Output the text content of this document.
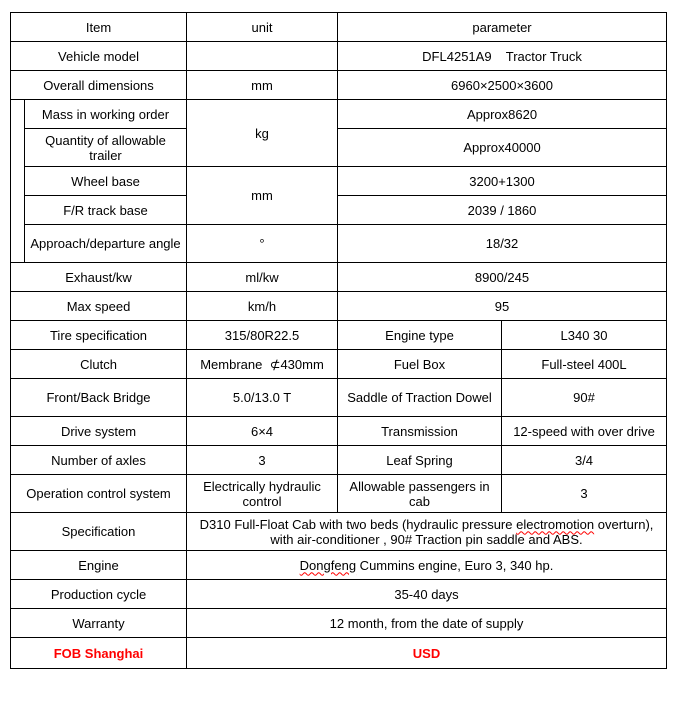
Item		unit	parameter	
Vehicle model			DFL4251A9    Tractor Truck	
Overall dimensions		mm	6960×2500×3600	
	Mass in working order	kg	Approx8620	
	Quantity of allowable trailer		Approx40000	
	Wheel base	mm	3200+1300	
	F/R track base		2039 / 1860	
	Approach/departure angle	°	18/32	
Exhaust/kw		ml/kw	8900/245	
Max speed		km/h	95	
Tire specification		315/80R22.5	Engine type	L340 30
Clutch		Membrane  ⊄430mm	Fuel Box	Full-steel 400L
Front/Back Bridge		5.0/13.0 T	Saddle of Traction Dowel	90#
Drive system		6×4	Transmission	12-speed with over drive
Number of axles		3	Leaf Spring	3/4
Operation control system		Electrically hydraulic control	Allowable passengers in cab	3
Specification		D310 Full-Float Cab with two beds (hydraulic pressure electromotion overturn), with air-conditioner , 90# Traction pin saddle and ABS.		
Engine		Dongfeng Cummins engine, Euro 3, 340 hp.		
Production cycle		35-40 days		
Warranty		12 month, from the date of supply		
FOB Shanghai		USD		
